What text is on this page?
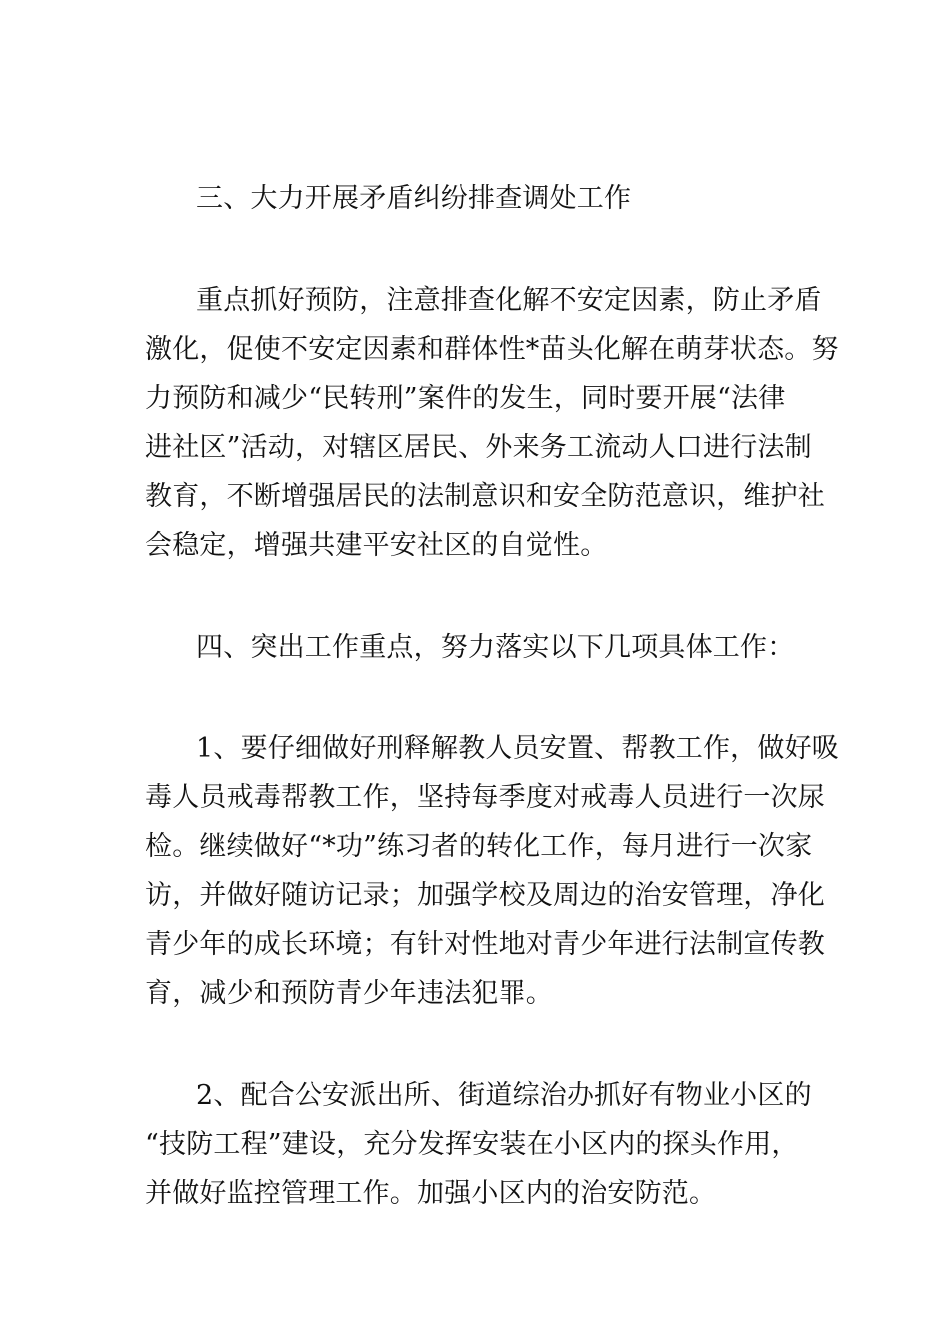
三、大力开展矛盾纠纷排查调处工作
重点抓好预防，注意排查化解不安定因素，防止矛盾
激化，促使不安定因素和群体性*苗头化解在萌芽状态。努
力预防和减少“民转刑”案件的发生，同时要开展“法律
进社区”活动，对辖区居民、外来务工流动人口进行法制
教育，不断增强居民的法制意识和安全防范意识，维护社
会稳定，增强共建平安社区的自觉性。
四、突出工作重点，努力落实以下几项具体工作：
1、要仔细做好刑释解教人员安置、帮教工作，做好吸
毒人员戒毒帮教工作，坚持每季度对戒毒人员进行一次尿
检。继续做好“*功”练习者的转化工作，每月进行一次家
访，并做好随访记录；加强学校及周边的治安管理，净化
青少年的成长环境；有针对性地对青少年进行法制宣传教
育，减少和预防青少年违法犯罪。
2、配合公安派出所、街道综治办抓好有物业小区的
“技防工程”建设，充分发挥安装在小区内的探头作用，
并做好监控管理工作。加强小区内的治安防范。
